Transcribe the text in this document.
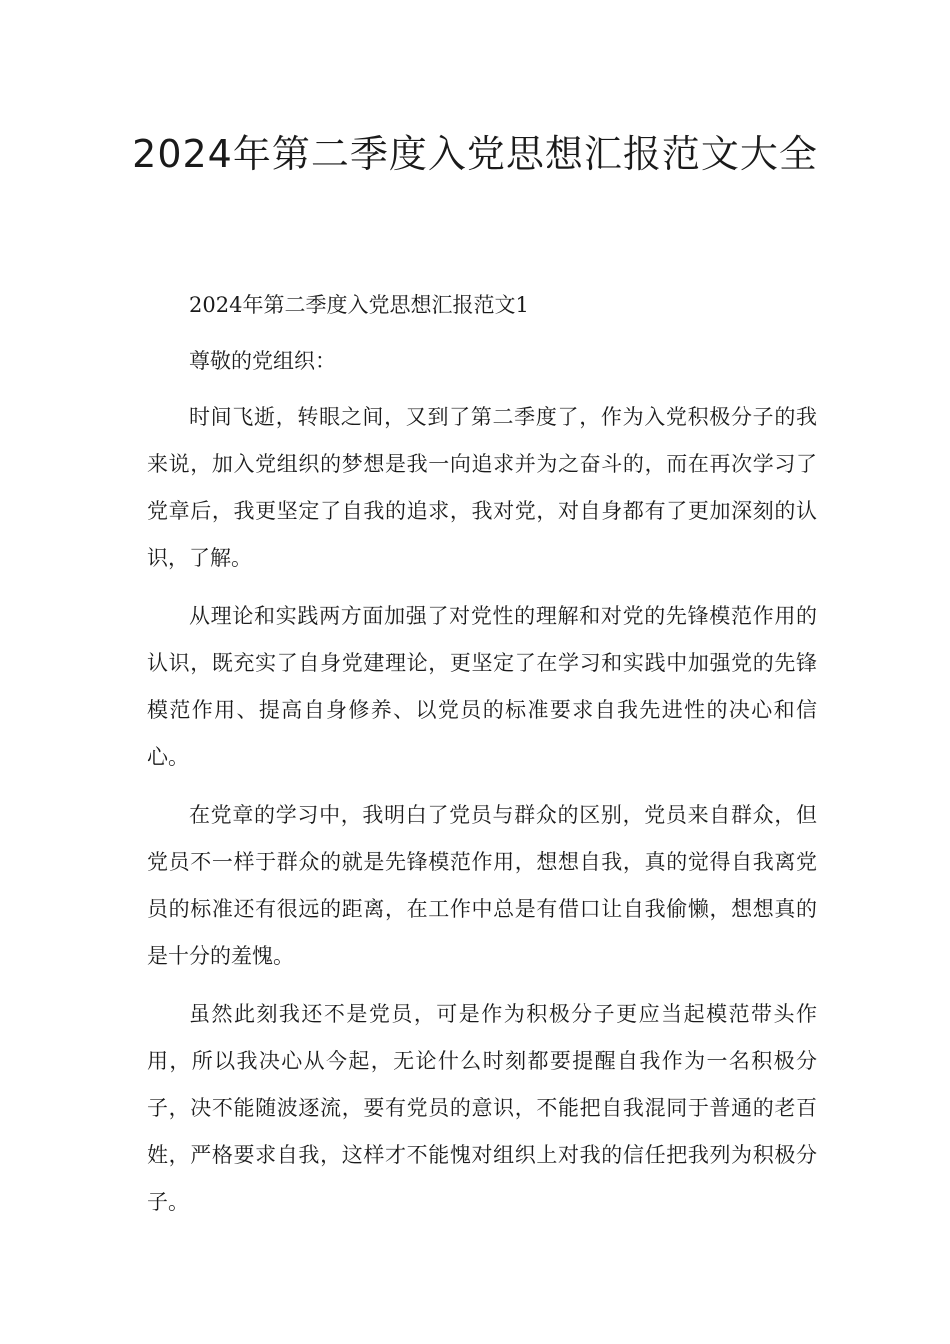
2024年第二季度入党思想汇报范文大全

2024年第二季度入党思想汇报范文1

尊敬的党组织：

时间飞逝，转眼之间，又到了第二季度了，作为入党积极分子的我来说，加入党组织的梦想是我一向追求并为之奋斗的，而在再次学习了党章后，我更坚定了自我的追求，我对党，对自身都有了更加深刻的认识，了解。

从理论和实践两方面加强了对党性的理解和对党的先锋模范作用的认识，既充实了自身党建理论，更坚定了在学习和实践中加强党的先锋模范作用、提高自身修养、以党员的标准要求自我先进性的决心和信心。

在党章的学习中，我明白了党员与群众的区别，党员来自群众，但党员不一样于群众的就是先锋模范作用，想想自我，真的觉得自我离党员的标准还有很远的距离，在工作中总是有借口让自我偷懒，想想真的是十分的羞愧。

虽然此刻我还不是党员，可是作为积极分子更应当起模范带头作用，所以我决心从今起，无论什么时刻都要提醒自我作为一名积极分子，决不能随波逐流，要有党员的意识，不能把自我混同于普通的老百姓，严格要求自我，这样才不能愧对组织上对我的信任把我列为积极分子。
